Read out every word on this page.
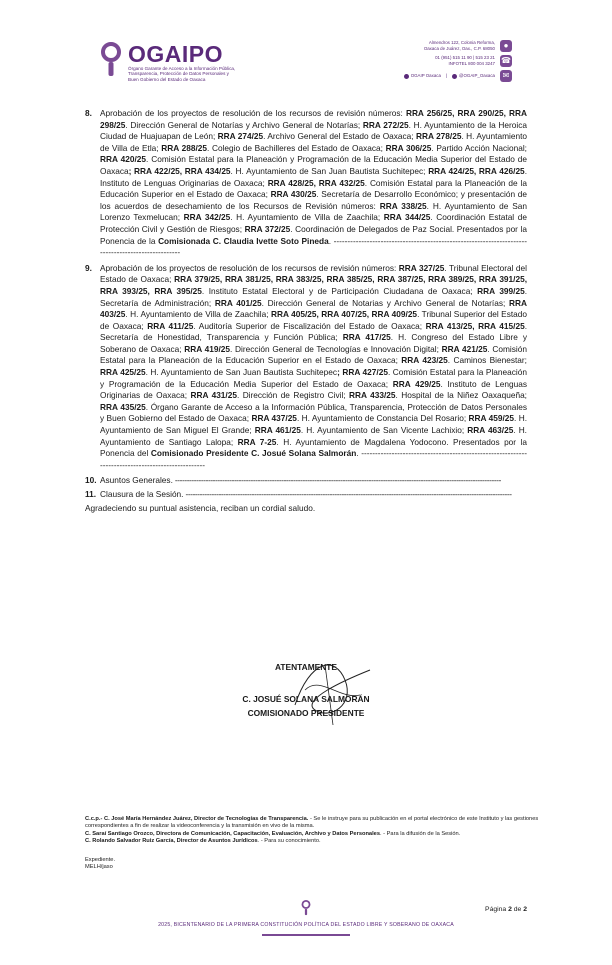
OGAIPO
Órgano Garante de Acceso a la Información Pública,
Transparencia, Protección de Datos Personales y
Buen Gobierno del Estado de Oaxaca
Almendros 122, Colonia Reforma,
Oaxaca de Juárez, Oax., C.P. 68050	●
01 (951) 515 11 90 | 515 23 21
INFOTEL 800 004 3247 ☎
OGAIP Oaxaca |	@OGAIP_Oaxaca ✉
8. Aprobación de los proyectos de resolución de los recursos de revisión números: RRA 256/25, RRA 290/25, RRA 298/25. Dirección General de Notarías y Archivo General de Notarías; RRA 272/25. H. Ayuntamiento de la Heroica Ciudad de Huajuapan de León; RRA 274/25. Archivo General del Estado de Oaxaca; RRA 278/25. H. Ayuntamiento de Villa de Etla; RRA 288/25. Colegio de Bachilleres del Estado de Oaxaca; RRA 306/25. Partido Acción Nacional; RRA 420/25. Comisión Estatal para la Planeación y Programación de la Educación Media Superior del Estado de Oaxaca; RRA 422/25, RRA 434/25. H. Ayuntamiento de San Juan Bautista Suchitepec; RRA 424/25, RRA 426/25. Instituto de Lenguas Originarias de Oaxaca; RRA 428/25, RRA 432/25. Comisión Estatal para la Planeación de la Educación Superior en el Estado de Oaxaca; RRA 430/25. Secretaría de Desarrollo Económico; y presentación de los acuerdos de desechamiento de los Recursos de Revisión números: RRA 338/25. H. Ayuntamiento de San Lorenzo Texmelucan; RRA 342/25. H. Ayuntamiento de Villa de Zaachila; RRA 344/25. Coordinación Estatal de Protección Civil y Gestión de Riesgos; RRA 372/25. Coordinación de Delegados de Paz Social. Presentados por la Ponencia de la Comisionada C. Claudia Ivette Soto Pineda. ---------------------------------------------------------------------------------------------------
9. Aprobación de los proyectos de resolución de los recursos de revisión números: RRA 327/25. Tribunal Electoral del Estado de Oaxaca; RRA 379/25, RRA 381/25, RRA 383/25, RRA 385/25, RRA 387/25, RRA 389/25, RRA 391/25, RRA 393/25, RRA 395/25. Instituto Estatal Electoral y de Participación Ciudadana de Oaxaca; RRA 399/25. Secretaría de Administración; RRA 401/25. Dirección General de Notarias y Archivo General de Notarías; RRA 403/25. H. Ayuntamiento de Villa de Zaachila; RRA 405/25, RRA 407/25, RRA 409/25. Tribunal Superior del Estado de Oaxaca; RRA 411/25. Auditoría Superior de Fiscalización del Estado de Oaxaca; RRA 413/25, RRA 415/25. Secretaría de Honestidad, Transparencia y Función Pública; RRA 417/25. H. Congreso del Estado Libre y Soberano de Oaxaca; RRA 419/25. Dirección General de Tecnologías e Innovación Digital; RRA 421/25. Comisión Estatal para la Planeación de la Educación Superior en el Estado de Oaxaca; RRA 423/25. Caminos Bienestar; RRA 425/25. H. Ayuntamiento de San Juan Bautista Suchitepec; RRA 427/25. Comisión Estatal para la Planeación y Programación de la Educación Media Superior del Estado de Oaxaca; RRA 429/25. Instituto de Lenguas Originarias de Oaxaca; RRA 431/25. Dirección de Registro Civil; RRA 433/25. Hospital de la Niñez Oaxaqueña; RRA 435/25. Órgano Garante de Acceso a la Información Pública, Transparencia, Protección de Datos Personales y Buen Gobierno del Estado de Oaxaca; RRA 437/25. H. Ayuntamiento de Constancia Del Rosario; RRA 459/25. H. Ayuntamiento de San Miguel El Grande; RRA 461/25. H. Ayuntamiento de San Vicente Lachixio; RRA 463/25. H. Ayuntamiento de Santiago Lalopa; RRA 7-25. H. Ayuntamiento de Magdalena Yodocono. Presentados por la Ponencia del Comisionado Presidente C. Josué Solana Salmorán. --------------------------------------------------------------------------------------------------
10. Asuntos Generales. ------------------------------------------------------------------------------------------------------------------------------------------
11. Clausura de la Sesión. ------------------------------------------------------------------------------------------------------------------------------------------
Agradeciendo su puntual asistencia, reciban un cordial saludo.
ATENTAMENTE
C. JOSUÉ SOLANA SALMORÁN
COMISIONADO PRESIDENTE
C.c.p.- C. José María Hernández Juárez, Director de Tecnologías de Transparencia. - Se le instruye para su publicación en el portal electrónico de este Instituto y las gestiones correspondientes a fin de realizar la videoconferencia y la transmisión en vivo de la misma.
C. Saraí Santiago Orozco, Directora de Comunicación, Capacitación, Evaluación, Archivo y Datos Personales. - Para la difusión de la Sesión.
C. Rolando Salvador Ruiz García, Director de Asuntos Jurídicos. - Para su conocimiento.
Expediente.
MELH/jaso
Página 2 de 2
2025, BICENTENARIO DE LA PRIMERA CONSTITUCIÓN POLÍTICA DEL ESTADO LIBRE Y SOBERANO DE OAXACA
